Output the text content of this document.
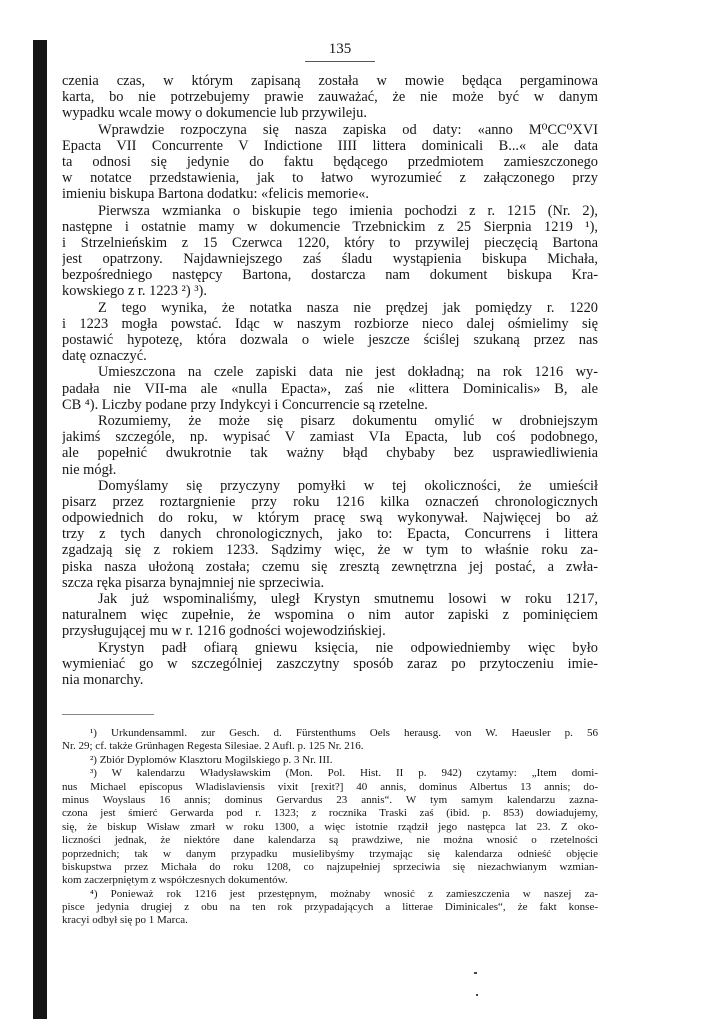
135
czenia czas, w którym zapisaną została w mowie będąca pergaminowa
karta, bo nie potrzebujemy prawie zauważać, że nie może być w danym
wypadku wcale mowy o dokumencie lub przywileju.
Wprawdzie rozpoczyna się nasza zapiska od daty: «anno M⁰CC⁰XVI
Epacta VII Concurrente V Indictione IIII littera dominicali B...« ale data
ta odnosi się jedynie do faktu będącego przedmiotem zamieszczonego
w notatce przedstawienia, jak to łatwo wyrozumieć z załączonego przy
imieniu biskupa Bartona dodatku: «felicis memorie«.
Pierwsza wzmianka o biskupie tego imienia pochodzi z r. 1215 (Nr. 2),
następne i ostatnie mamy w dokumencie Trzebnickim z 25 Sierpnia 1219 ¹),
i Strzelnieńskim z 15 Czerwca 1220, który to przywilej pieczęcią Bartona
jest opatrzony. Najdawniejszego zaś śladu wystąpienia biskupa Michała,
bezpośredniego następcy Bartona, dostarcza nam dokument biskupa Kra-
kowskiego z r. 1223 ²) ³).
Z tego wynika, że notatka nasza nie prędzej jak pomiędzy r. 1220
i 1223 mogła powstać. Idąc w naszym rozbiorze nieco dalej ośmielimy się
postawić hypotezę, która dozwala o wiele jeszcze ściślej szukaną przez nas
datę oznaczyć.
Umieszczona na czele zapiski data nie jest dokładną; na rok 1216 wy-
padała nie VII-ma ale «nulla Epacta», zaś nie «littera Dominicalis» B, ale
CB ⁴). Liczby podane przy Indykcyi i Concurrencie są rzetelne.
Rozumiemy, że może się pisarz dokumentu omylić w drobniejszym
jakimś szczególe, np. wypisać V zamiast VIa Epacta, lub coś podobnego,
ale popełnić dwukrotnie tak ważny błąd chybaby bez usprawiedliwienia
nie mógł.
Domyślamy się przyczyny pomyłki w tej okoliczności, że umieścił
pisarz przez roztargnienie przy roku 1216 kilka oznaczeń chronologicznych
odpowiednich do roku, w którym pracę swą wykonywał. Najwięcej bo aż
trzy z tych danych chronologicznych, jako to: Epacta, Concurrens i littera
zgadzają się z rokiem 1233. Sądzimy więc, że w tym to właśnie roku za-
piska nasza ułożoną została; czemu się zresztą zewnętrzna jej postać, a zwła-
szcza ręka pisarza bynajmniej nie sprzeciwia.
Jak już wspominaliśmy, uległ Krystyn smutnemu losowi w roku 1217,
naturalnem więc zupełnie, że wspomina o nim autor zapiski z pominięciem
przysługującej mu w r. 1216 godności wojewodzińskiej.
Krystyn padł ofiarą gniewu księcia, nie odpowiedniemby więc było
wymieniać go w szczególniej zaszczytny sposób zaraz po przytoczeniu imie-
nia monarchy.
¹) Urkundensamml. zur Gesch. d. Fürstenthums Oels herausg. von W. Haeusler p. 56
Nr. 29; cf. także Grünhagen Regesta Silesiae. 2 Aufl. p. 125 Nr. 216.
²) Zbiór Dyplomów Klasztoru Mogilskiego p. 3 Nr. III.
³) W kalendarzu Władysławskim (Mon. Pol. Hist. II p. 942) czytamy: „Item domi-
nus Michael episcopus Wladislaviensis vixit [rexit?] 40 annis, dominus Albertus 13 annis; do-
minus Woyslaus 16 annis; dominus Gervardus 23 annis“. W tym samym kalendarzu zazna-
czona jest śmierć Gerwarda pod r. 1323; z rocznika Traski zaś (ibid. p. 853) dowiadujemy,
się, że biskup Wisław zmarł w roku 1300, a więc istotnie rządził jego następca lat 23. Z oko-
liczności jednak, że niektóre dane kalendarza są prawdziwe, nie można wnosić o rzetelności
poprzednich; tak w danym przypadku musielibyśmy trzymając się kalendarza odnieść objęcie
biskupstwa przez Michała do roku 1208, co najzupełniej sprzeciwia się niezachwianym wzmian-
kom zaczerpniętym z współczesnych dokumentów.
⁴) Ponieważ rok 1216 jest przestępnym, możnaby wnosić z zamieszczenia w naszej za-
pisce jedynia drugiej z obu na ten rok przypadających a litterae Diminicales“, że fakt konse-
kracyi odbył się po 1 Marca.
